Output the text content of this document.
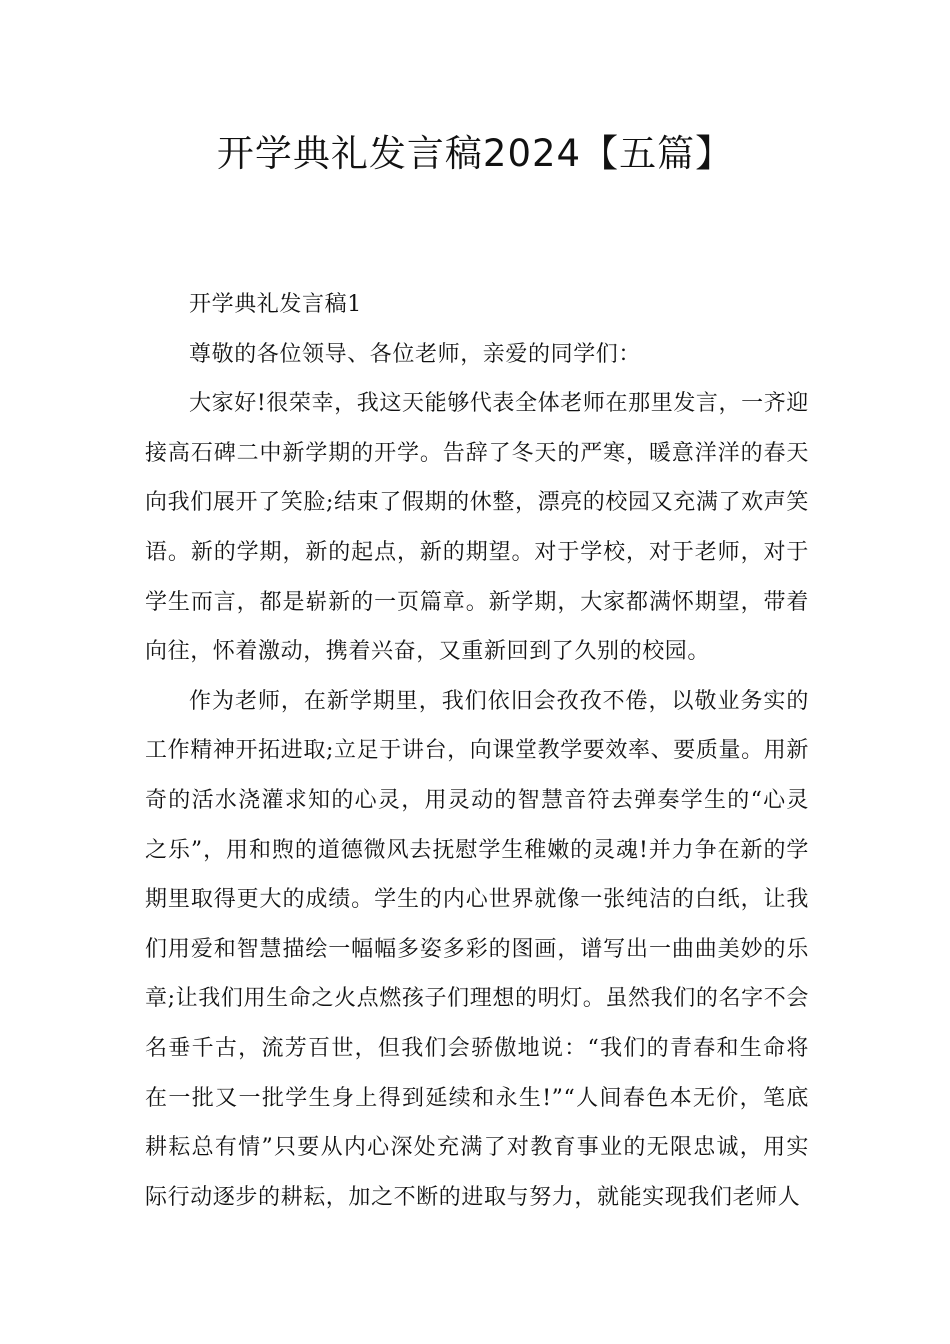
开学典礼发言稿2024【五篇】

开学典礼发言稿1

尊敬的各位领导、各位老师，亲爱的同学们：

大家好!很荣幸，我这天能够代表全体老师在那里发言，一齐迎接高石碑二中新学期的开学。告辞了冬天的严寒，暖意洋洋的春天向我们展开了笑脸;结束了假期的休整，漂亮的校园又充满了欢声笑语。新的学期，新的起点，新的期望。对于学校，对于老师，对于学生而言，都是崭新的一页篇章。新学期，大家都满怀期望，带着向往，怀着激动，携着兴奋，又重新回到了久别的校园。

作为老师，在新学期里，我们依旧会孜孜不倦，以敬业务实的工作精神开拓进取;立足于讲台，向课堂教学要效率、要质量。用新奇的活水浇灌求知的心灵，用灵动的智慧音符去弹奏学生的“心灵之乐”，用和煦的道德微风去抚慰学生稚嫩的灵魂!并力争在新的学期里取得更大的成绩。学生的内心世界就像一张纯洁的白纸，让我们用爱和智慧描绘一幅幅多姿多彩的图画，谱写出一曲曲美妙的乐章;让我们用生命之火点燃孩子们理想的明灯。虽然我们的名字不会名垂千古，流芳百世，但我们会骄傲地说：“我们的青春和生命将在一批又一批学生身上得到延续和永生!”“人间春色本无价，笔底耕耘总有情”只要从内心深处充满了对教育事业的无限忠诚，用实际行动逐步的耕耘，加之不断的进取与努力，就能实现我们老师人
